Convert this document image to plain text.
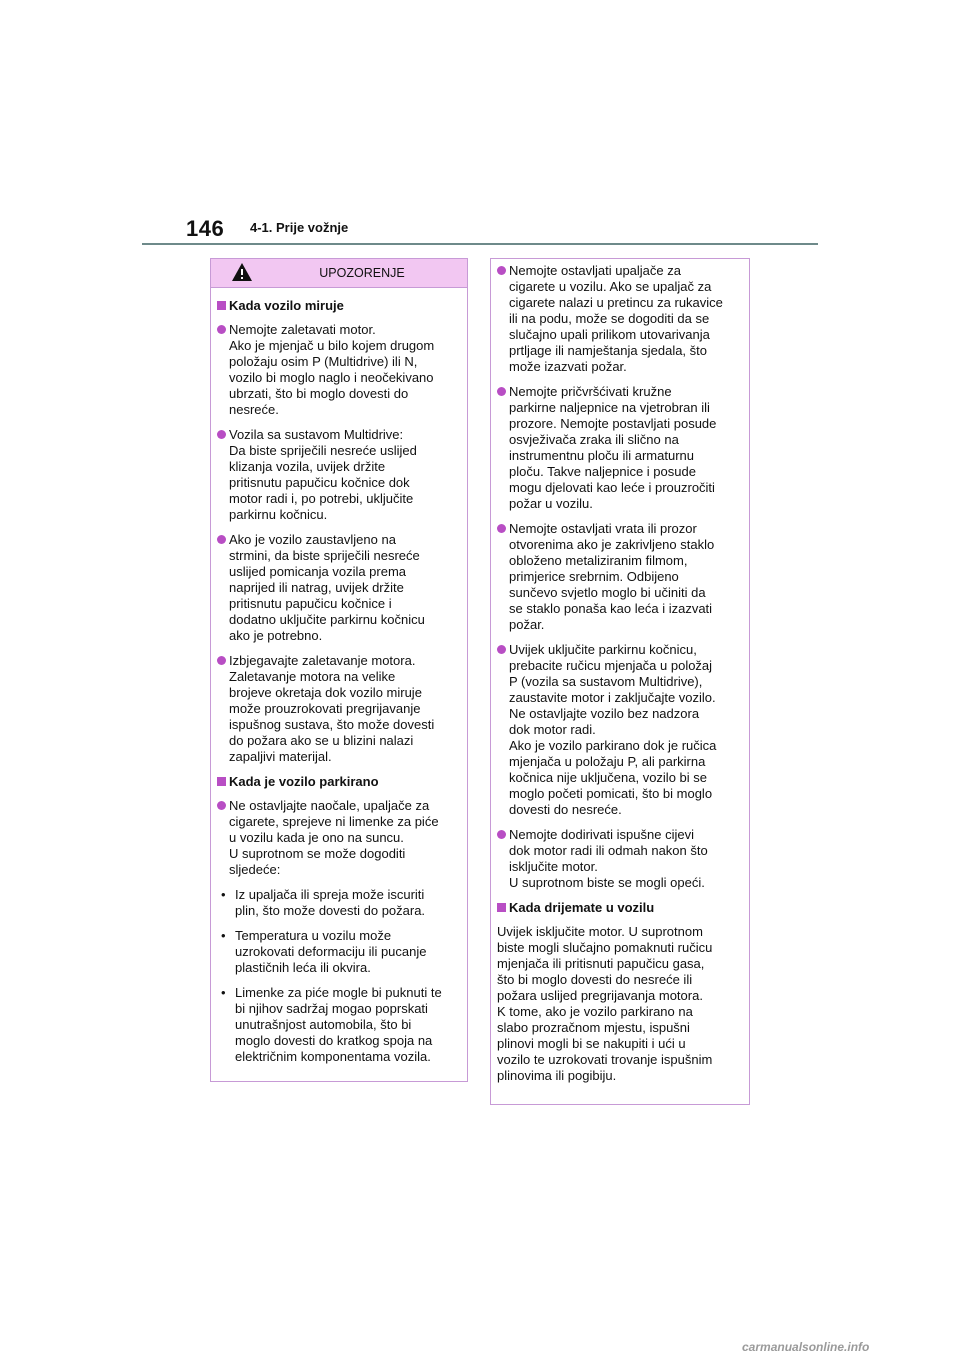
146 4-1. Prije vožnje
UPOZORENJE
Kada vozilo miruje

Nemojte zaletavati motor.
Ako je mjenjač u bilo kojem drugom
položaju osim P (Multidrive) ili N,
vozilo bi moglo naglo i neočekivano
ubrzati, što bi moglo dovesti do
nesreće.

Vozila sa sustavom Multidrive:
Da biste spriječili nesreće uslijed
klizanja vozila, uvijek držite
pritisnutu papučicu kočnice dok
motor radi i, po potrebi, uključite
parkirnu kočnicu.

Ako je vozilo zaustavljeno na
strmini, da biste spriječili nesreće
uslijed pomicanja vozila prema
naprijed ili natrag, uvijek držite
pritisnutu papučicu kočnice i
dodatno uključite parkirnu kočnicu
ako je potrebno.

Izbjegavajte zaletavanje motora.
Zaletavanje motora na velike
brojeve okretaja dok vozilo miruje
može prouzrokovati pregrijavanje
ispušnog sustava, što može dovesti
do požara ako se u blizini nalazi
zapaljivi materijal.

Kada je vozilo parkirano

Ne ostavljajte naočale, upaljače za
cigarete, sprejeve ni limenke za piće
u vozilu kada je ono na suncu.
U suprotnom se može dogoditi
sljedeće:

• Iz upaljača ili spreja može iscuriti
plin, što može dovesti do požara.

• Temperatura u vozilu može
uzrokovati deformaciju ili pucanje
plastičnih leća ili okvira.

• Limenke za piće mogle bi puknuti te
bi njihov sadržaj mogao poprskati
unutrašnjost automobila, što bi
moglo dovesti do kratkog spoja na
električnim komponentama vozila.

Nemojte ostavljati upaljače za
cigarete u vozilu. Ako se upaljač za
cigarete nalazi u pretincu za rukavice
ili na podu, može se dogoditi da se
slučajno upali prilikom utovarivanja
prtljage ili namještanja sjedala, što
može izazvati požar.

Nemojte pričvršćivati kružne
parkirne naljepnice na vjetrobran ili
prozore. Nemojte postavljati posude
osvježivača zraka ili slično na
instrumentnu ploču ili armaturnu
ploču. Takve naljepnice i posude
mogu djelovati kao leće i prouzročiti
požar u vozilu.

Nemojte ostavljati vrata ili prozor
otvorenima ako je zakrivljeno staklo
obloženo metaliziranim filmom,
primjerice srebrnim. Odbijeno
sunčevo svjetlo moglo bi učiniti da
se staklo ponaša kao leća i izazvati
požar.

Uvijek uključite parkirnu kočnicu,
prebacite ručicu mjenjača u položaj
P (vozila sa sustavom Multidrive),
zaustavite motor i zaključajte vozilo.
Ne ostavljajte vozilo bez nadzora
dok motor radi.
Ako je vozilo parkirano dok je ručica
mjenjača u položaju P, ali parkirna
kočnica nije uključena, vozilo bi se
moglo početi pomicati, što bi moglo
dovesti do nesreće.

Nemojte dodirivati ispušne cijevi
dok motor radi ili odmah nakon što
isključite motor.
U suprotnom biste se mogli opeći.

Kada drijemate u vozilu

Uvijek isključite motor. U suprotnom
biste mogli slučajno pomaknuti ručicu
mjenjača ili pritisnuti papučicu gasa,
što bi moglo dovesti do nesreće ili
požara uslijed pregrijavanja motora.
K tome, ako je vozilo parkirano na
slabo prozračnom mjestu, ispušni
plinovi mogli bi se nakupiti i ući u
vozilo te uzrokovati trovanje ispušnim
plinovima ili pogibiju.

carmanualsonline.info
